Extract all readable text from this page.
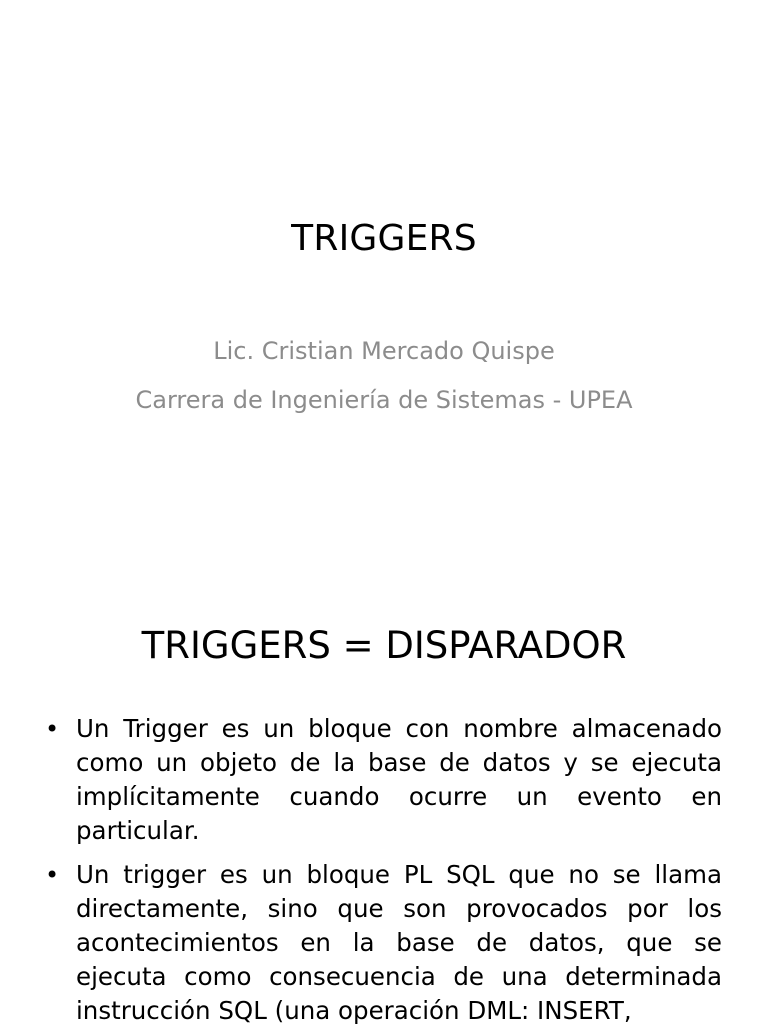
TRIGGERS
Lic. Cristian Mercado Quispe
Carrera de Ingeniería de Sistemas - UPEA
TRIGGERS = DISPARADOR
• Un Trigger es un bloque con nombre almacenado como un objeto de la base de datos y se ejecuta implícitamente cuando ocurre un evento en particular.
• Un trigger es un bloque PL SQL que no se llama directamente, sino que son provocados por los acontecimientos en la base de datos, que se ejecuta como consecuencia de una determinada instrucción SQL (una operación DML: INSERT,
